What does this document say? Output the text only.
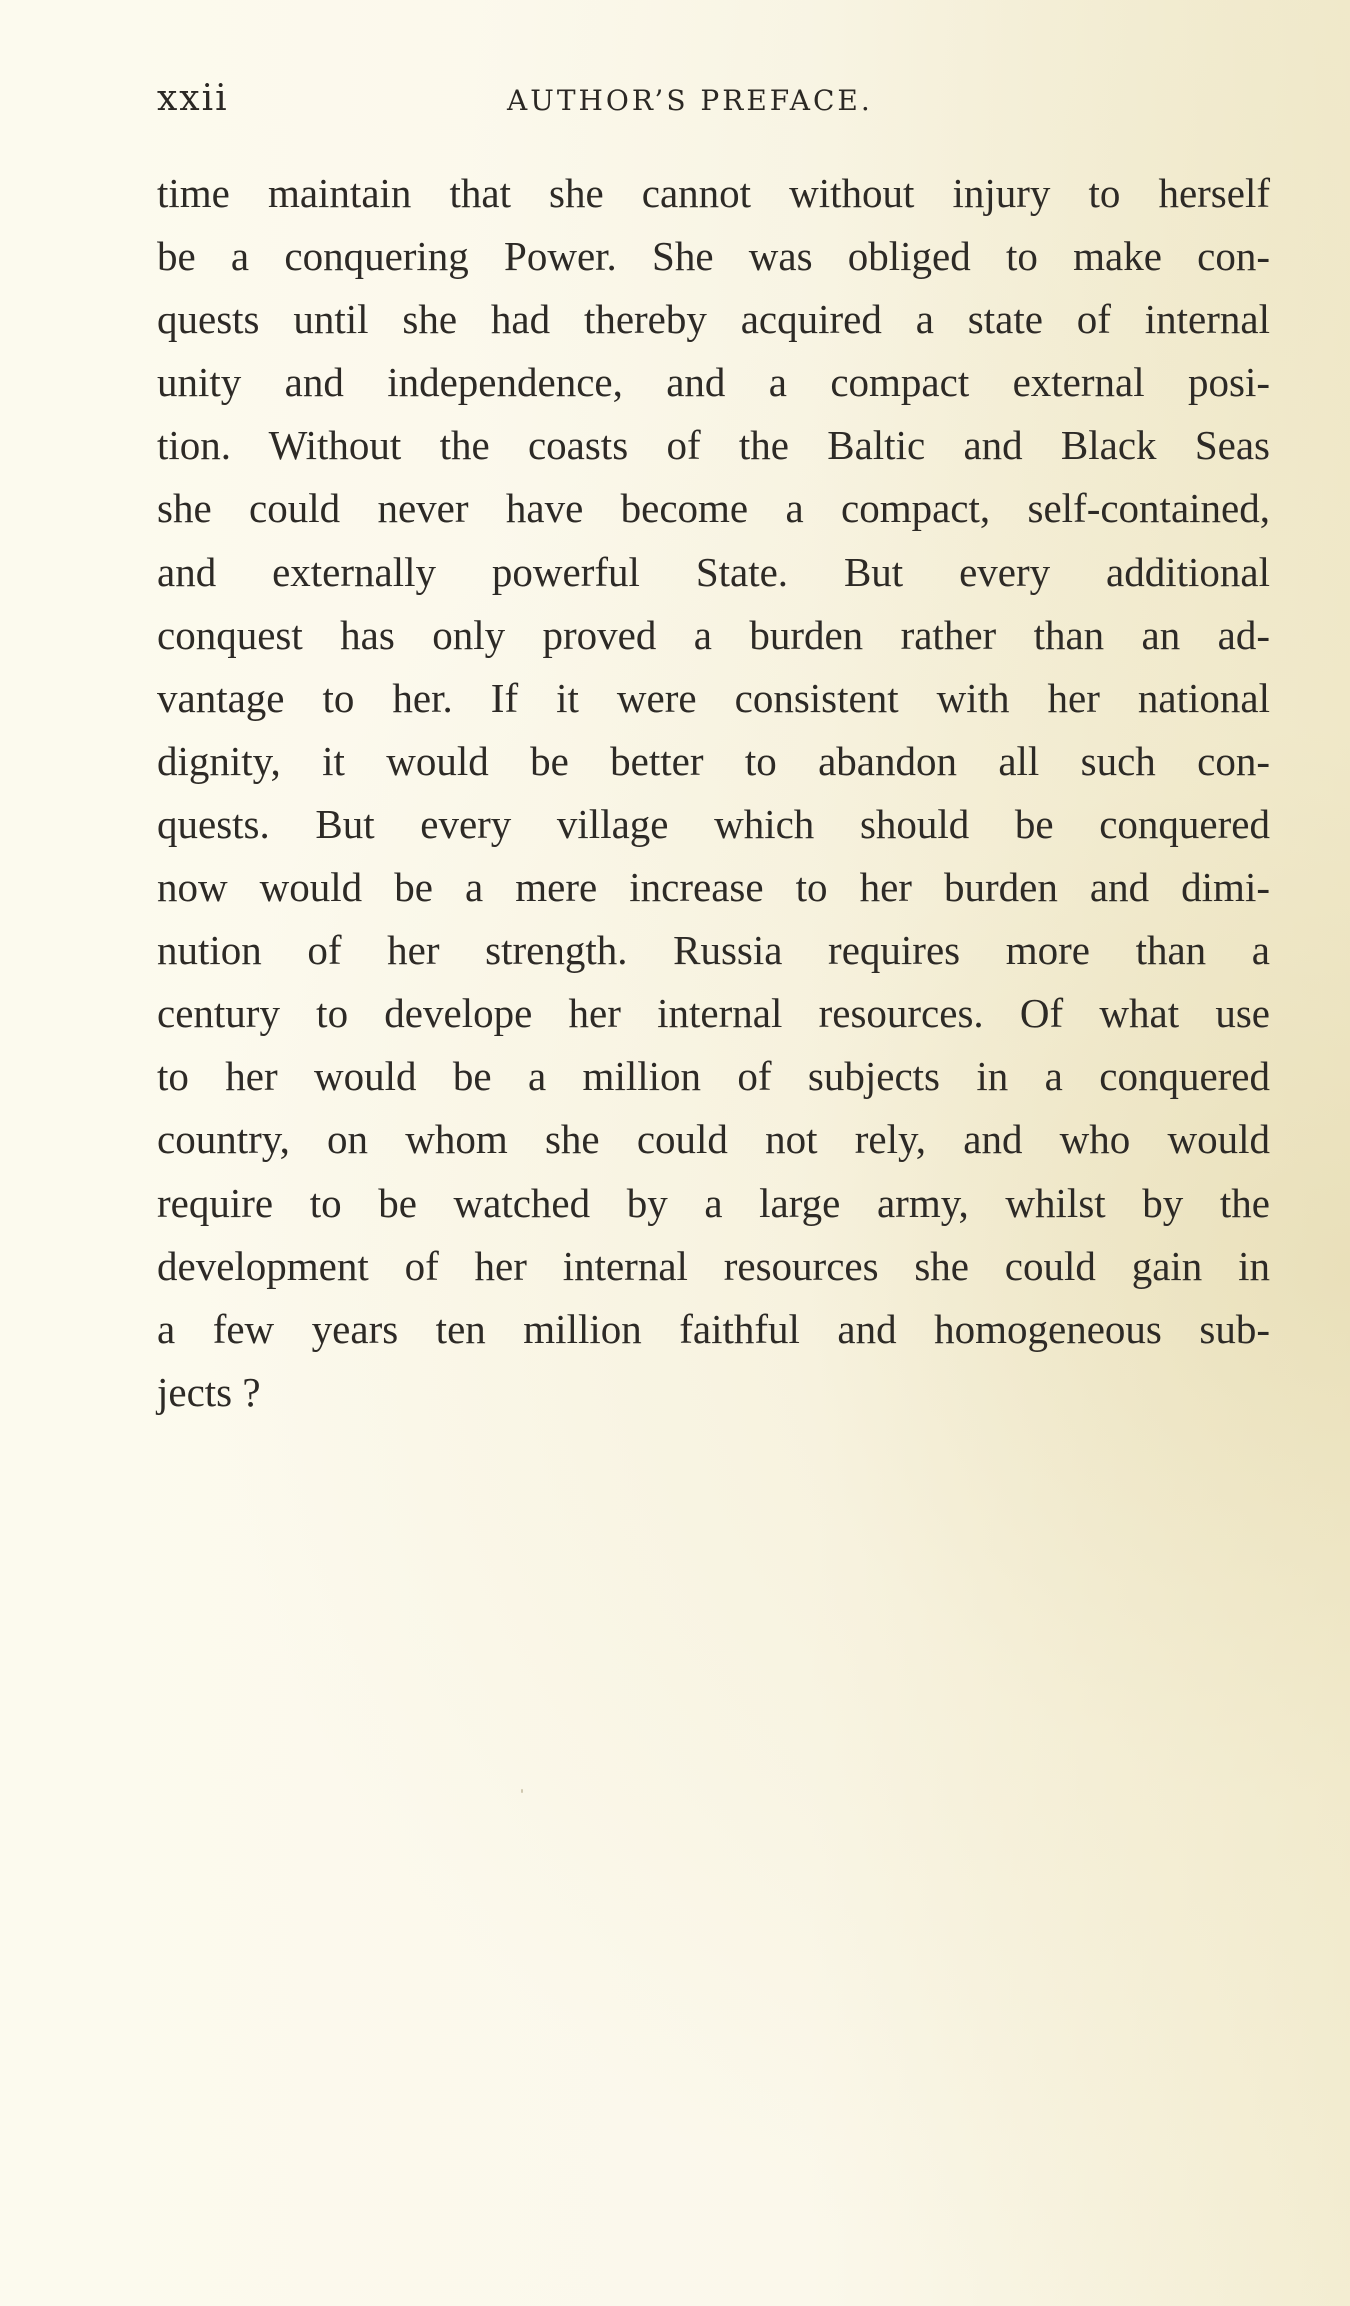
xxii	AUTHOR’S PREFACE.
time maintain that she cannot without injury to herself
be a conquering Power. She was obliged to make con-
quests until she had thereby acquired a state of internal
unity and independence, and a compact external posi-
tion. Without the coasts of the Baltic and Black Seas
she could never have become a compact, self-contained,
and externally powerful State. But every additional
conquest has only proved a burden rather than an ad-
vantage to her. If it were consistent with her national
dignity, it would be better to abandon all such con-
quests. But every village which should be conquered
now would be a mere increase to her burden and dimi-
nution of her strength. Russia requires more than a
century to develope her internal resources. Of what use
to her would be a million of subjects in a conquered
country, on whom she could not rely, and who would
require to be watched by a large army, whilst by the
development of her internal resources she could gain in
a few years ten million faithful and homogeneous sub-
jects ?
